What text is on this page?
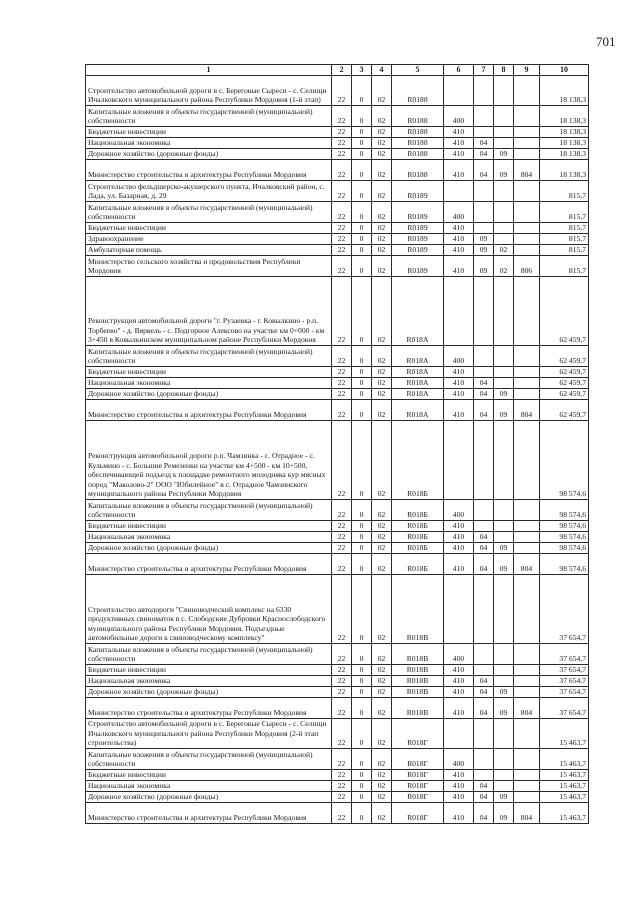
701
1	2	3	4	5	6	7	8	9	10
Строительство автомобильной дороги в с. Береговые Сыреси - с. Селищи Ичалковского муниципального района Республики Мордовия (1-й этап)	22	0	02	R0188					18 138,3
Капитальные вложения в объекты государственной (муниципальной) собственности	22	0	02	R0188	400				18 138,3
Бюджетные инвестиции	22	0	02	R0188	410				18 138,3
Национальная экономика	22	0	02	R0188	410	04			18 138,3
Дорожное хозяйство (дорожные фонды)	22	0	02	R0188	410	04	09		18 138,3
Министерство строительства и архитектуры Республики Мордовия	22	0	02	R0188	410	04	09	804	18 138,3
Строительство фельдшерско-акушерского пункта, Ичалковский район, с. Лада, ул. Базарная, д. 29	22	0	02	R0189					815,7
Капитальные вложения в объекты государственной (муниципальной) собственности	22	0	02	R0189	400				815,7
Бюджетные инвестиции	22	0	02	R0189	410				815,7
Здравоохранение	22	0	02	R0189	410	09			815,7
Амбулаторная помощь	22	0	02	R0189	410	09	02		815,7
Министерство сельского хозяйства и продовольствия Республики Мордовия	22	0	02	R0189	410	09	02	806	815,7
Реконструкция автомобильной дороги "г. Рузаевка - г. Ковылкино - р.п. Торбеево" - д. Вярвель - с. Подгорное Алексово на участке км 0+000 - км 3+450 в Ковылкинском муниципальном районе Республики Мордовия	22	0	02	R018A					62 459,7
Капитальные вложения в объекты государственной (муниципальной) собственности	22	0	02	R018A	400				62 459,7
Бюджетные инвестиции	22	0	02	R018A	410				62 459,7
Национальная экономика	22	0	02	R018A	410	04			62 459,7
Дорожное хозяйство (дорожные фонды)	22	0	02	R018A	410	04	09		62 459,7
Министерство строительства и архитектуры Республики Мордовия	22	0	02	R018A	410	04	09	804	62 459,7
Реконструкция автомобильной дороги р.п. Чамзинка - с. Отрадное - с. Кульмино - с. Большие Ремезенки на участке км 4+500 - км 10+500, обеспечивающей подъезд к площадке ремонтного молодняка кур мясных пород "Маколово-2" ООО "Юбилейное" в с. Отрадное Чамзинского муниципального района Республики Мордовия	22	0	02	R018Б					98 574,6
Капитальные вложения в объекты государственной (муниципальной) собственности	22	0	02	R018Б	400				98 574,6
Бюджетные инвестиции	22	0	02	R018Б	410				98 574,6
Национальная экономика	22	0	02	R018Б	410	04			98 574,6
Дорожное хозяйство (дорожные фонды)	22	0	02	R018Б	410	04	09		98 574,6
Министерство строительства и архитектуры Республики Мордовия	22	0	02	R018Б	410	04	09	804	98 574,6
Строительство автодороги "Свиноводческий комплекс на 6330 продуктивных свиноматок в с. Слободские Дубровки Краснослободского муниципального района Республики Мордовия. Подъездные автомобильные дороги к свиноводческому комплексу"	22	0	02	R018B					37 654,7
Капитальные вложения в объекты государственной (муниципальной) собственности	22	0	02	R018B	400				37 654,7
Бюджетные инвестиции	22	0	02	R018B	410				37 654,7
Национальная экономика	22	0	02	R018B	410	04			37 654,7
Дорожное хозяйство (дорожные фонды)	22	0	02	R018B	410	04	09		37 654,7
Министерство строительства и архитектуры Республики Мордовия	22	0	02	R018B	410	04	09	804	37 654,7
Строительство автомобильной дороги в с. Береговые Сыреси - с. Селищи Ичалковского муниципального района Республики Мордовия (2-й этап строительства)	22	0	02	R018Г					15 463,7
Капитальные вложения в объекты государственной (муниципальной) собственности	22	0	02	R018Г	400				15 463,7
Бюджетные инвестиции	22	0	02	R018Г	410				15 463,7
Национальная экономика	22	0	02	R018Г	410	04			15 463,7
Дорожное хозяйство (дорожные фонды)	22	0	02	R018Г	410	04	09		15 463,7
Министерство строительства и архитектуры Республики Мордовия	22	0	02	R018Г	410	04	09	804	15 463,7
